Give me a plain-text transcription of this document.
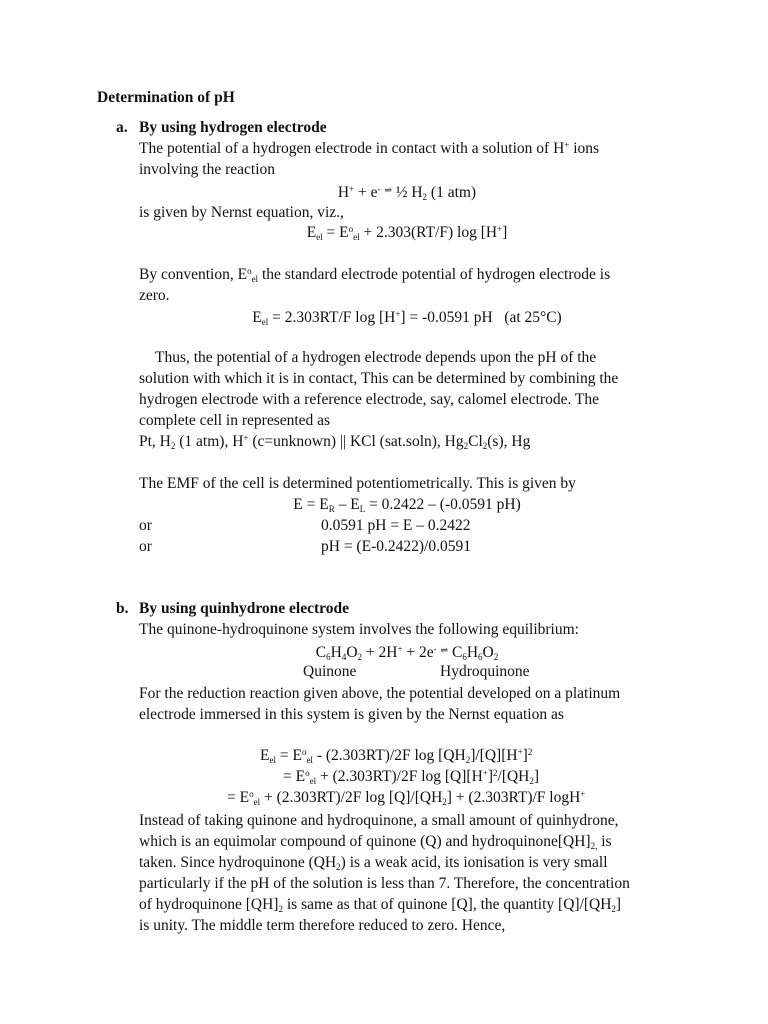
Determination of pH
a. By using hydrogen electrode
The potential of a hydrogen electrode in contact with a solution of H+ ions
involving the reaction
H+ + e- ⇌ ½ $H_2$ (1 atm)
is given by Nernst equation, viz.,
$E_{el} = E^o_{el} + 2.303(RT/F)$ log [H+]
By convention, $E^o_{el}$ the standard electrode potential of hydrogen electrode is
zero.
$E_{el} = 2.303RT/F$ log [H+] = -0.0591 pH   (at 25°C)
Thus, the potential of a hydrogen electrode depends upon the pH of the
solution with which it is in contact, This can be determined by combining the
hydrogen electrode with a reference electrode, say, calomel electrode. The
complete cell in represented as
Pt, $H_2$ (1 atm), H+ (c=unknown) || KCl (sat.soln), $Hg_2Cl_2(s)$, Hg
The EMF of the cell is determined potentiometrically. This is given by
$E = E_R - E_L = 0.2422 - (-0.0591$ pH)
or	0.0591 pH = E – 0.2422
or	pH = (E-0.2422)/0.0591
b. By using quinhydrone electrode
The quinone-hydroquinone system involves the following equilibrium:
$C_6H_4O_2 + 2H^+ + 2e^-$ ⇌ $C_6H_6O_2$
Quinone	Hydroquinone
For the reduction reaction given above, the potential developed on a platinum
electrode immersed in this system is given by the Nernst equation as
$E_{el} = E^o_{el} - (2.303RT)/2F$ $\log [QH_2]/[Q][H^+]^2$
= $E^o_{el} + (2.303RT)/2F$ $\log [Q][H^+]^2/[QH_2]$
= $E^o_{el} + (2.303RT)/2F$ $\log [Q]/[QH_2] + (2.303RT)/F$ logH+
Instead of taking quinone and hydroquinone, a small amount of quinhydrone,
which is an equimolar compound of quinone (Q) and $hydroquinone[QH]_{2,}$ is
taken. Since hydroquinone $(QH_2)$ is a weak acid, its ionisation is very small
particularly if the pH of the solution is less than 7. Therefore, the concentration
of hydroquinone $[QH]_2$ is same as that of quinone [Q], the quantity $[Q]/[QH_2]$
is unity. The middle term therefore reduced to zero. Hence,
